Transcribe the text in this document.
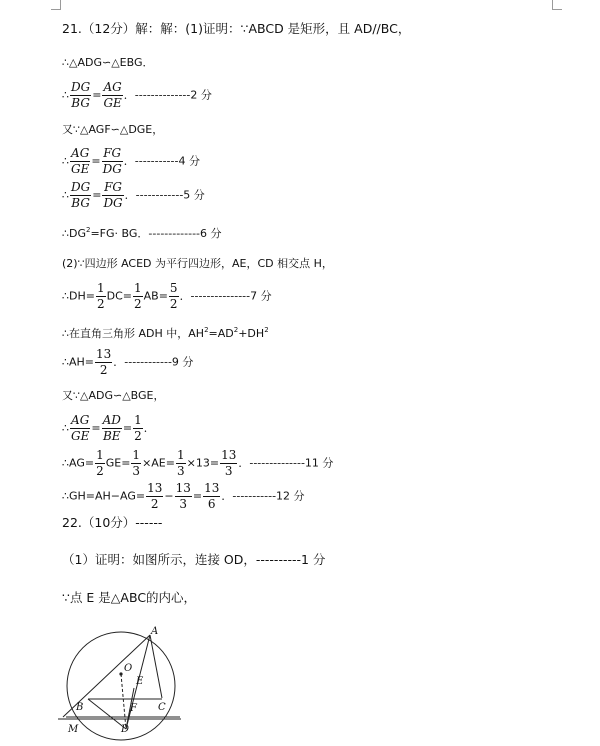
21.（12分）解：解：(1)证明：∵ABCD 是矩形，且 AD//BC，
∴△ADG∽△EBG．
∴ $\frac{DG}{BG} = \frac{AG}{GE}$ ．--------------2 分
又∵△AGF∽△DGE，
∴ $\frac{AG}{GE} = \frac{FG}{DG}$ ．-----------4 分
∴ $\frac{DG}{BG} = \frac{FG}{DG}$ ．------------5 分
$\therefore DG^2=FG\cdot$ BG．-------------6 分
(2)∵四边形 ACED 为平行四边形，AE，CD 相交点 H，
∴DH= $\frac{1}{2} DC= \frac{1}{2} AB= \frac{5}{2}$ ．---------------7 分
∴在直角三角形 ADH 中，$AH^2=AD^2+DH^2$
∴AH= $\frac{13}{2}$ ．------------9 分
又∵△ADG∽△BGE，
∴ $\frac{AG}{GE} = \frac{AD}{BE} = \frac{1}{2}$ ．
∴AG= $\frac{1}{2} GE= \frac{1}{3} \times AE= \frac{1}{3} \times 13= \frac{13}{3}$ ．--------------11 分
∴GH=AH−AG= $\frac{13}{2} - \frac{13}{3} = \frac{13}{6}$ ．-----------12 分
22.（10分）------
（1）证明：如图所示，连接 OD，----------1 分
∵点 E 是△ABC的内心，
A
O
E
B	C
F
M	D
